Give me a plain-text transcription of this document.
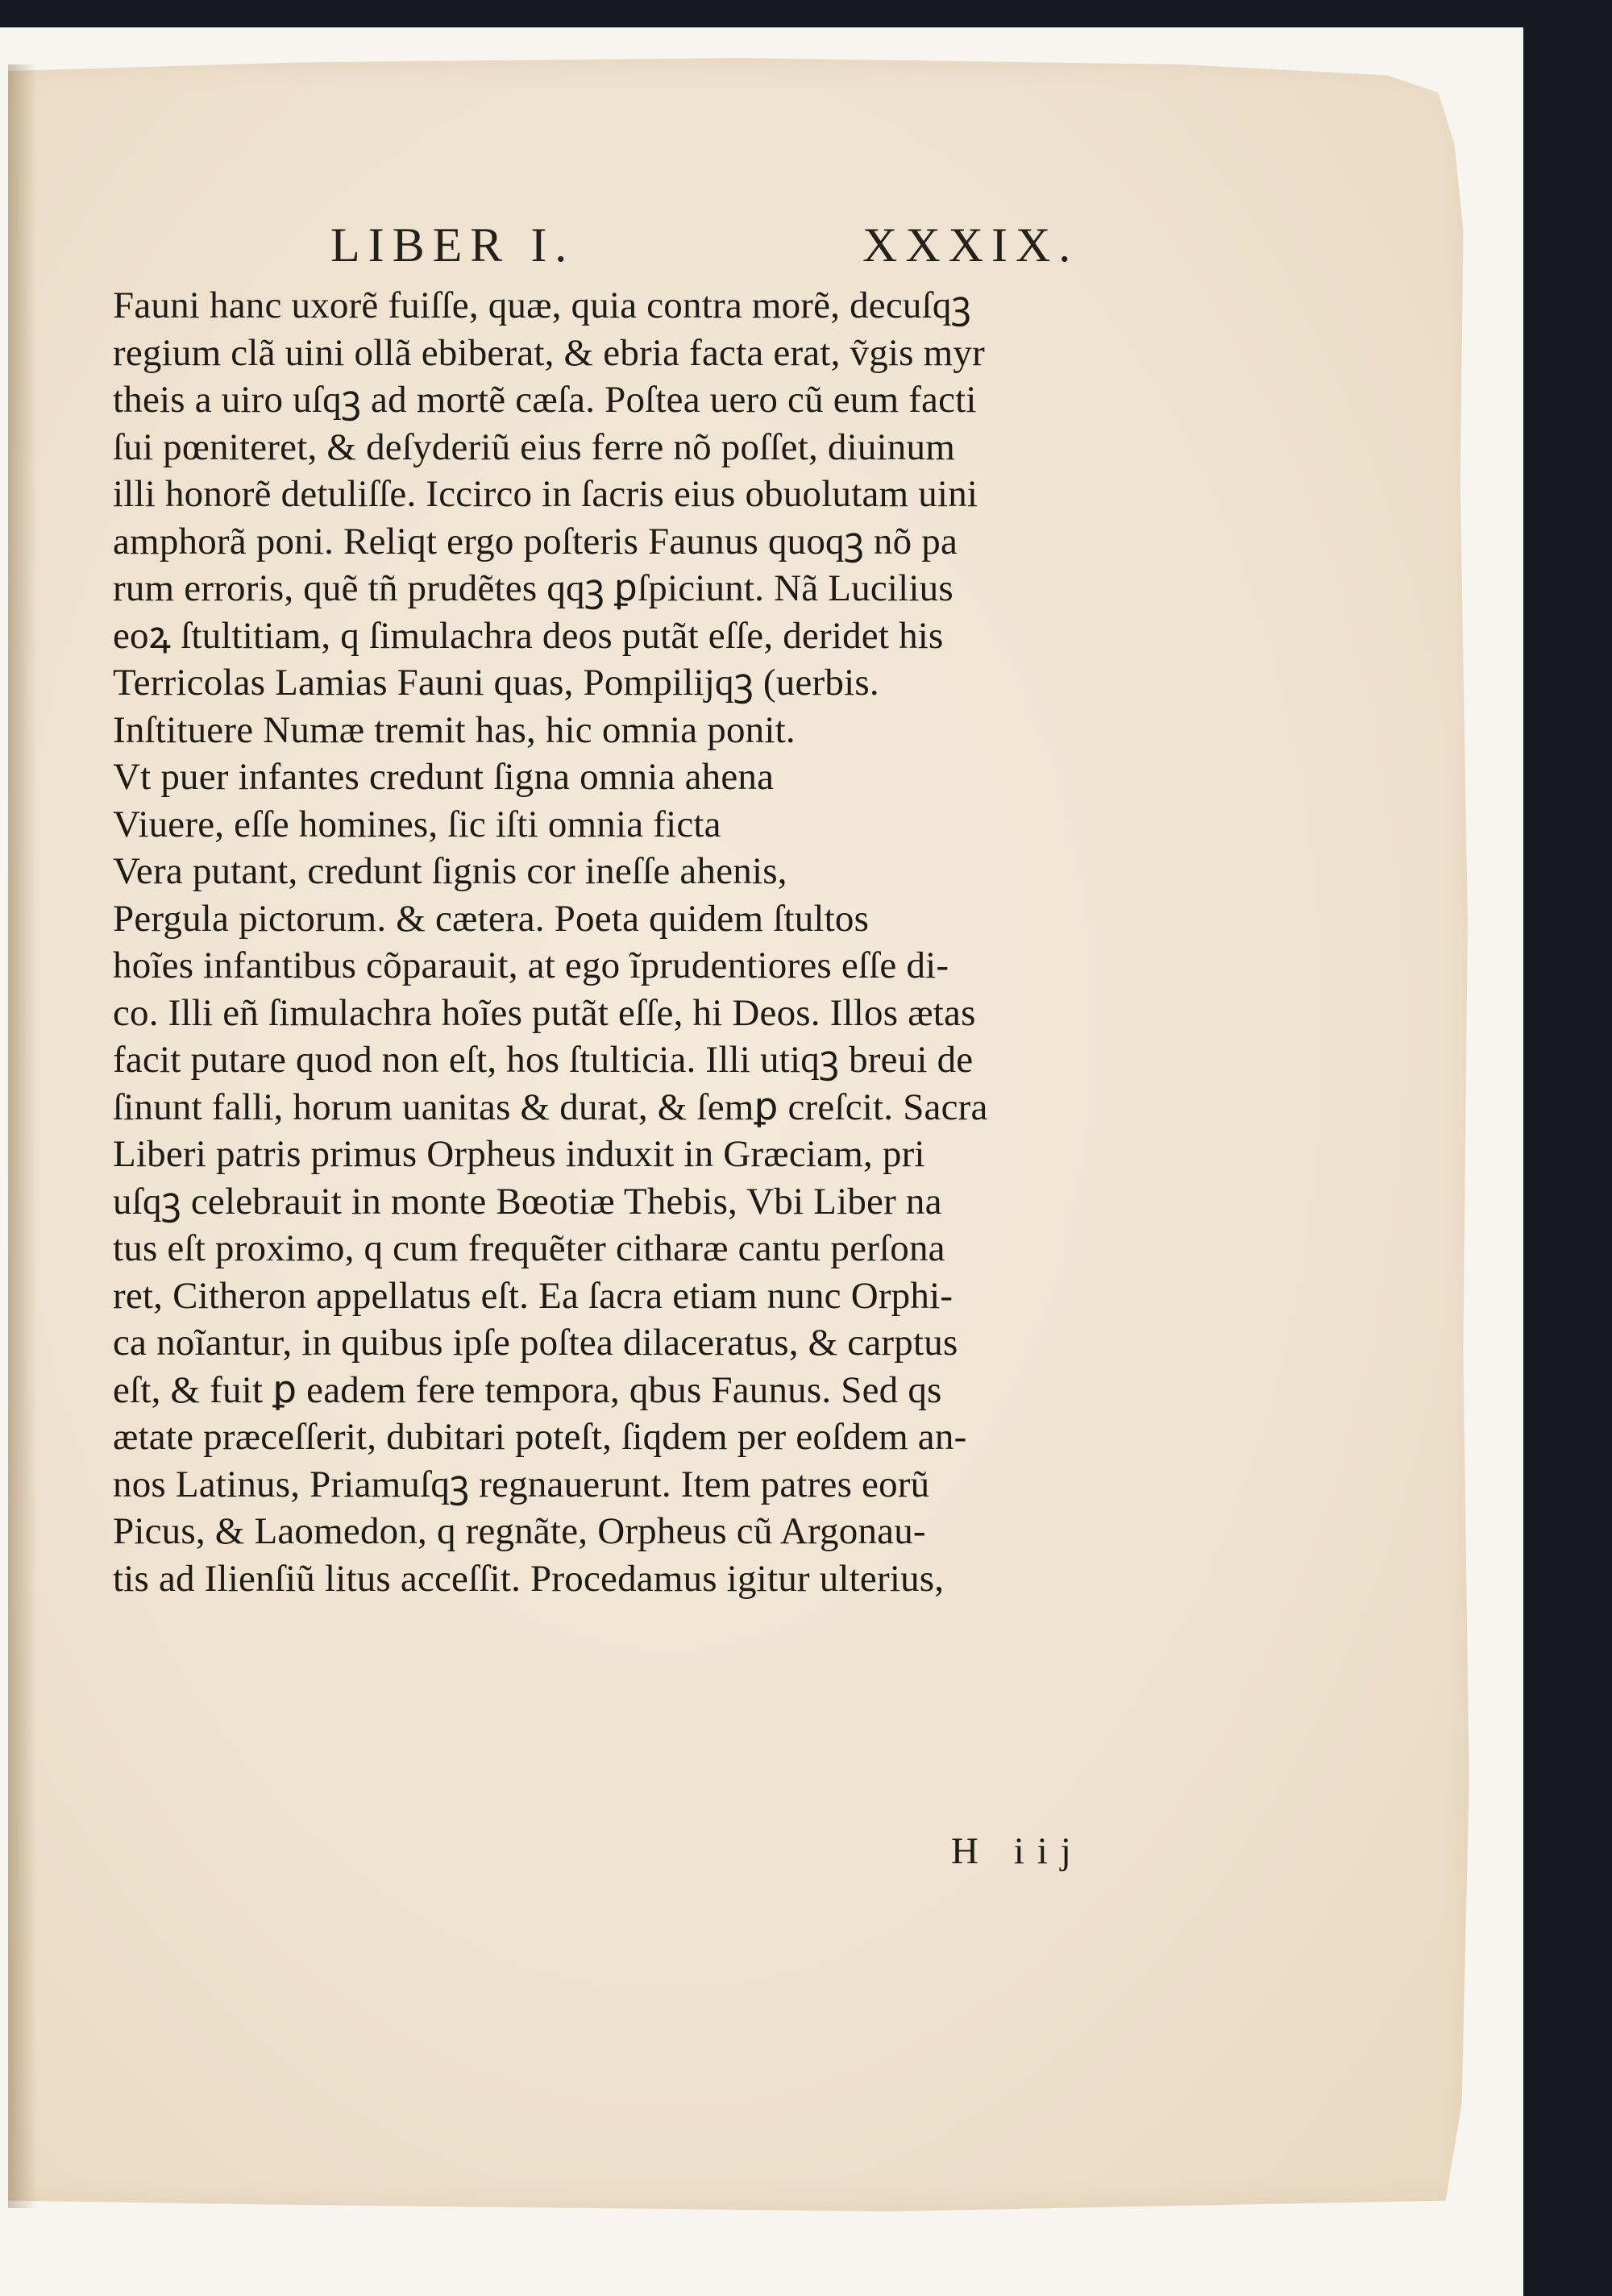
LIBER I.	XXXIX.
Fauni hanc uxorẽ fuiſſe, quæ, quia contra morẽ, decuſqꝫ
regium clã uini ollã ebiberat, & ebria facta erat, ṽgis myr
theis a uiro uſqꝫ ad mortẽ cæſa. Poſtea uero cũ eum facti
ſui pœniteret, & deſyderiũ eius ferre nõ poſſet, diuinum
illi honorẽ detuliſſe. Iccirco in ſacris eius obuolutam uini
amphorã poni. Reliqt ergo poſteris Faunus quoqꝫ nõ pa
rum erroris, quẽ tñ prudẽtes qqꝫ ꝑſpiciunt. Nã Lucilius
eoꝝ ſtultitiam, q ſimulachra deos putãt eſſe, deridet his
Terricolas Lamias Fauni quas, Pompilijqꝫ (uerbis.
Inſtituere Numæ tremit has, hic omnia ponit.
Vt puer infantes credunt ſigna omnia ahena
Viuere, eſſe homines, ſic iſti omnia ficta
Vera putant, credunt ſignis cor ineſſe ahenis,
Pergula pictorum. & cætera. Poeta quidem ſtultos
hoĩes infantibus cõparauit, at ego ĩprudentiores eſſe di-
co. Illi eñ ſimulachra hoĩes putãt eſſe, hi Deos. Illos ætas
facit putare quod non eſt, hos ſtulticia. Illi utiqꝫ breui de
ſinunt falli, horum uanitas & durat, & ſemꝑ creſcit. Sacra
Liberi patris primus Orpheus induxit in Græciam, pri
uſqꝫ celebrauit in monte Bœotiæ Thebis, Vbi Liber na
tus eſt proximo, q cum frequẽter citharæ cantu perſona
ret, Citheron appellatus eſt. Ea ſacra etiam nunc Orphi-
ca noĩantur, in quibus ipſe poſtea dilaceratus, & carptus
eſt, & fuit ꝑ eadem fere tempora, qbus Faunus. Sed qs
ætate præceſſerit, dubitari poteſt, ſiqdem per eoſdem an-
nos Latinus, Priamuſqꝫ regnauerunt. Item patres eorũ
Picus, & Laomedon, q regnãte, Orpheus cũ Argonau-
tis ad Ilienſiũ litus acceſſit. Procedamus igitur ulterius,
H iij
